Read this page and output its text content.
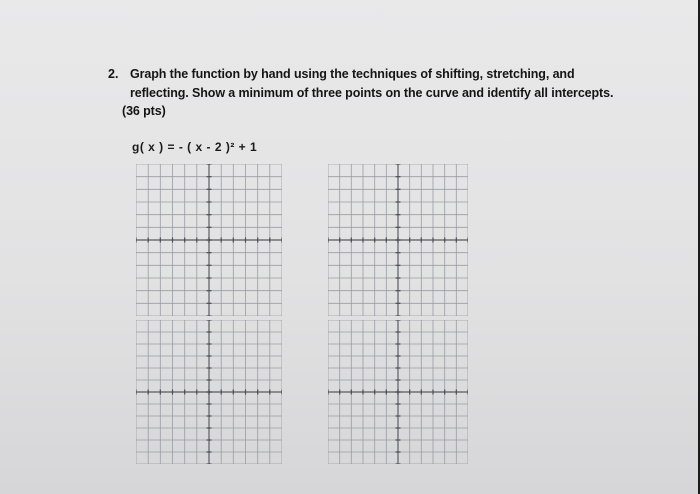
2. Graph the function by hand using the techniques of shifting, stretching, and
reflecting. Show a minimum of three points on the curve and identify all intercepts.
(36 pts)
g( x ) = - ( x - 2 )² + 1
